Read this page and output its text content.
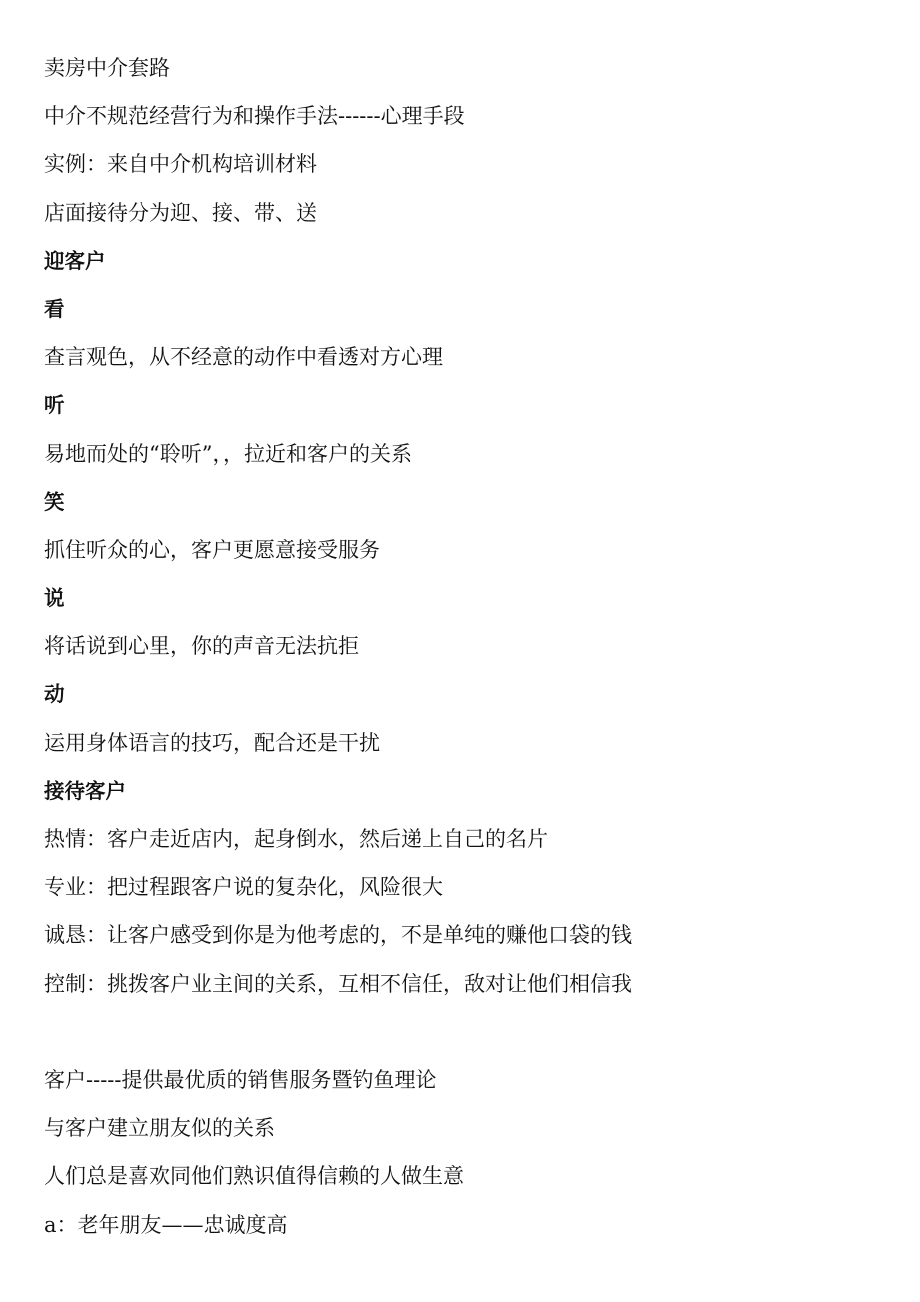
卖房中介套路
中介不规范经营行为和操作手法------心理手段
实例：来自中介机构培训材料
店面接待分为迎、接、带、送
迎客户
看
查言观色，从不经意的动作中看透对方心理
听
易地而处的“聆听”，，拉近和客户的关系
笑
抓住听众的心，客户更愿意接受服务
说
将话说到心里，你的声音无法抗拒
动
运用身体语言的技巧，配合还是干扰
接待客户
热情：客户走近店内，起身倒水，然后递上自己的名片
专业：把过程跟客户说的复杂化，风险很大
诚恳：让客户感受到你是为他考虑的，不是单纯的赚他口袋的钱
控制：挑拨客户业主间的关系，互相不信任，敌对让他们相信我
客户-----提供最优质的销售服务暨钓鱼理论
与客户建立朋友似的关系
人们总是喜欢同他们熟识值得信赖的人做生意
a：老年朋友——忠诚度高
